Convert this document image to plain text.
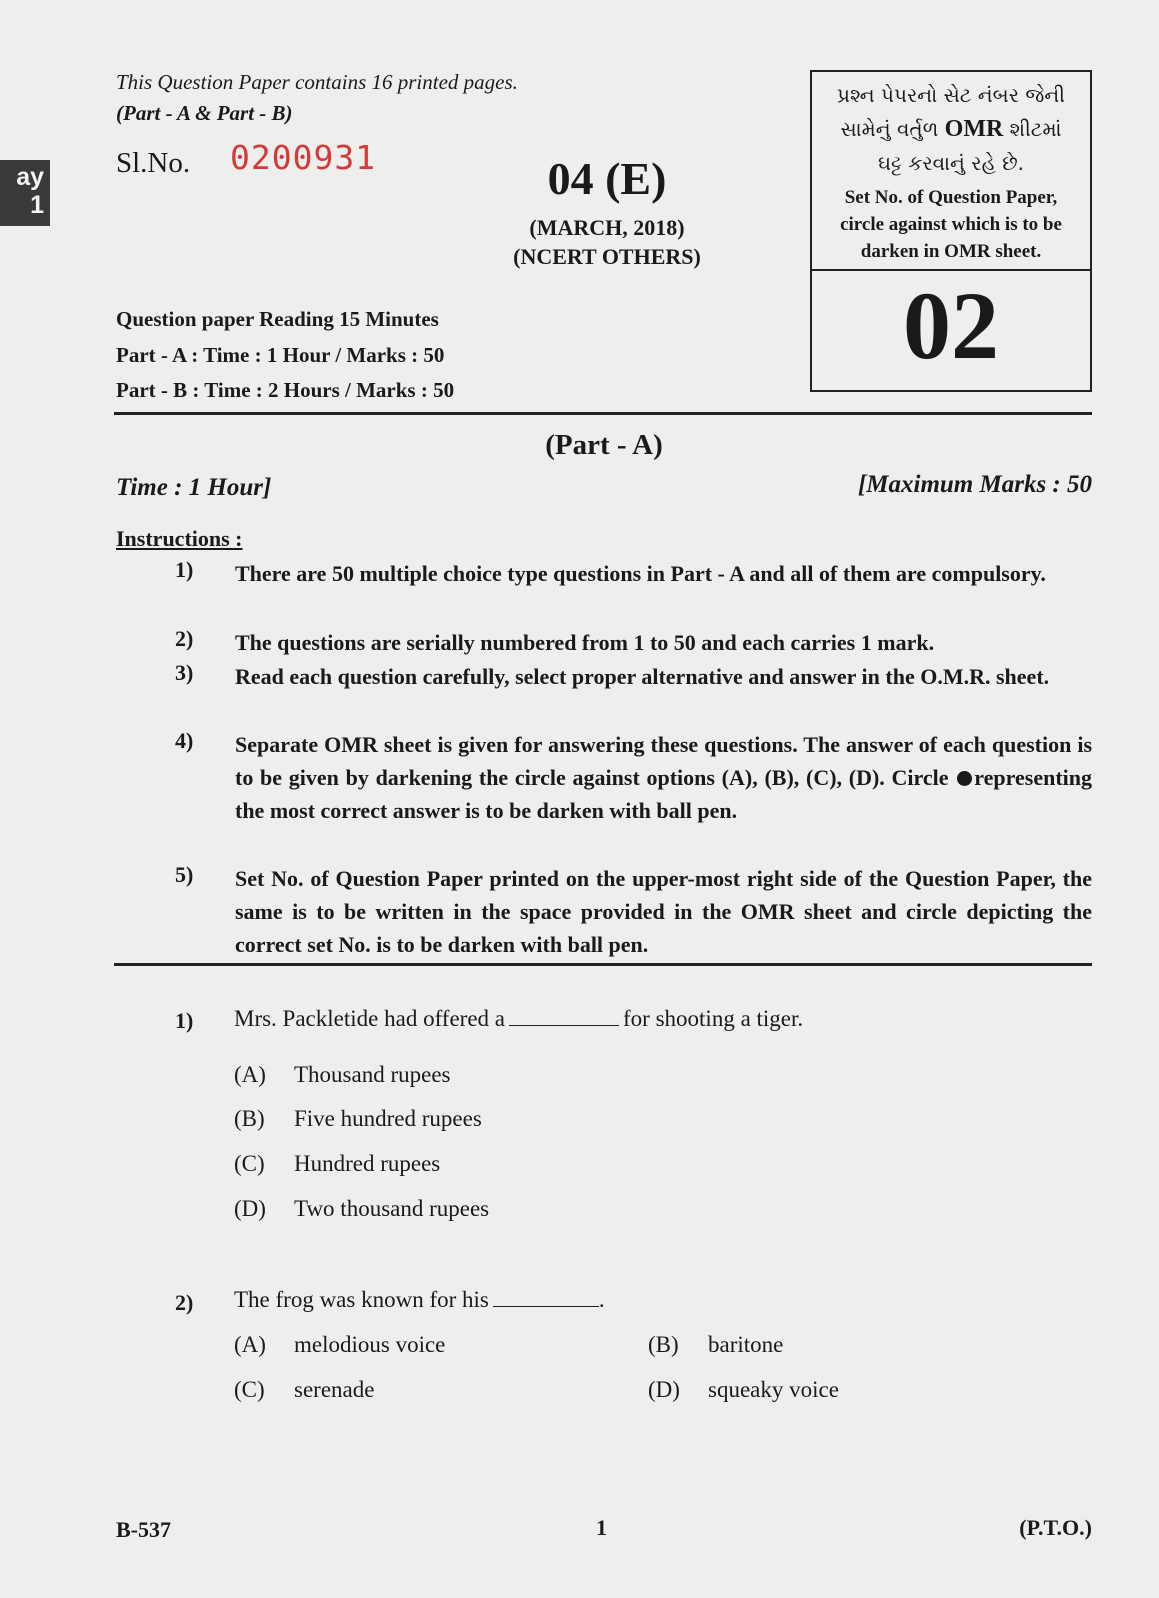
ay
1
This Question Paper contains 16 printed pages.
(Part - A & Part - B)
Sl.No. 0200931	04 (E)
(MARCH, 2018)
(NCERT OTHERS)
પ્રશ્ન પેપરનો સેટ નંબર જેની
સામેનું વર્તુળ OMR શીટમાં
ઘટ્ટ કરવાનું રહે છે.
Set No. of Question Paper,
circle against which is to be
darken in OMR sheet.
02
Question paper Reading 15 Minutes
Part - A : Time : 1 Hour / Marks : 50
Part - B : Time : 2 Hours / Marks : 50
(Part - A)
Time : 1 Hour]	[Maximum Marks : 50
Instructions :
1) There are 50 multiple choice type questions in Part - A and all of them are compulsory.
2) The questions are serially numbered from 1 to 50 and each carries 1 mark.
3) Read each question carefully, select proper alternative and answer in the O.M.R. sheet.
4) Separate OMR sheet is given for answering these questions. The answer of each question is to be given by darkening the circle against options (A), (B), (C), (D). Circle representing the most correct answer is to be darken with ball pen.
5) Set No. of Question Paper printed on the upper-most right side of the Question Paper, the same is to be written in the space provided in the OMR sheet and circle depicting the correct set No. is to be darken with ball pen.
1) Mrs. Packletide had offered a	for shooting a tiger.
(A) Thousand rupees
(B) Five hundred rupees
(C) Hundred rupees
(D) Two thousand rupees
2) The frog was known for his	.
(A) melodious voice	(B) baritone
(C) serenade	(D) squeaky voice
B-537	1	(P.T.O.)
